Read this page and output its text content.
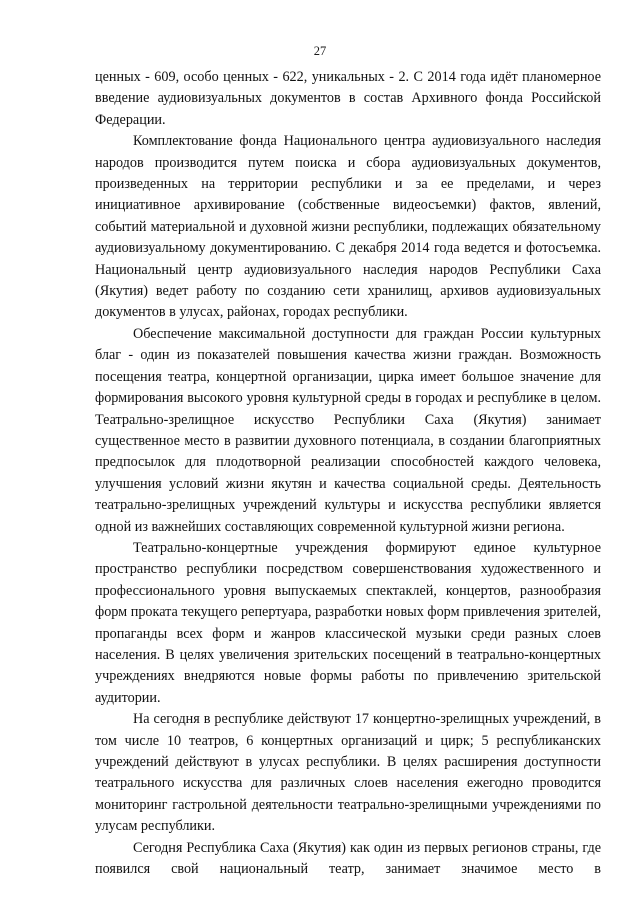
27

ценных - 609, особо ценных - 622, уникальных - 2. С 2014 года идёт планомерное введение аудиовизуальных документов в состав Архивного фонда Российской Федерации.

Комплектование фонда Национального центра аудиовизуального наследия народов производится путем поиска и сбора аудиовизуальных документов, произведенных на территории республики и за ее пределами, и через инициативное архивирование (собственные видеосъемки) фактов, явлений, событий материальной и духовной жизни республики, подлежащих обязательному аудиовизуальному документированию. С декабря 2014 года ведется и фотосъемка. Национальный центр аудиовизуального наследия народов Республики Саха (Якутия) ведет работу по созданию сети хранилищ, архивов аудиовизуальных документов в улусах, районах, городах республики.

Обеспечение максимальной доступности для граждан России культурных благ - один из показателей повышения качества жизни граждан. Возможность посещения театра, концертной организации, цирка имеет большое значение для формирования высокого уровня культурной среды в городах и республике в целом. Театрально-зрелищное искусство Республики Саха (Якутия) занимает существенное место в развитии духовного потенциала, в создании благоприятных предпосылок для плодотворной реализации способностей каждого человека, улучшения условий жизни якутян и качества социальной среды. Деятельность театрально-зрелищных учреждений культуры и искусства республики является одной из важнейших составляющих современной культурной жизни региона.

Театрально-концертные учреждения формируют единое культурное пространство республики посредством совершенствования художественного и профессионального уровня выпускаемых спектаклей, концертов, разнообразия форм проката текущего репертуара, разработки новых форм привлечения зрителей, пропаганды всех форм и жанров классической музыки среди разных слоев населения. В целях увеличения зрительских посещений в театрально-концертных учреждениях внедряются новые формы работы по привлечению зрительской аудитории.

На сегодня в республике действуют 17 концертно-зрелищных учреждений, в том числе 10 театров, 6 концертных организаций и цирк; 5 республиканских учреждений действуют в улусах республики. В целях расширения доступности театрального искусства для различных слоев населения ежегодно проводится мониторинг гастрольной деятельности театрально-зрелищными учреждениями по улусам республики.

Сегодня Республика Саха (Якутия) как один из первых регионов страны, где появился свой национальный театр, занимает значимое место в
